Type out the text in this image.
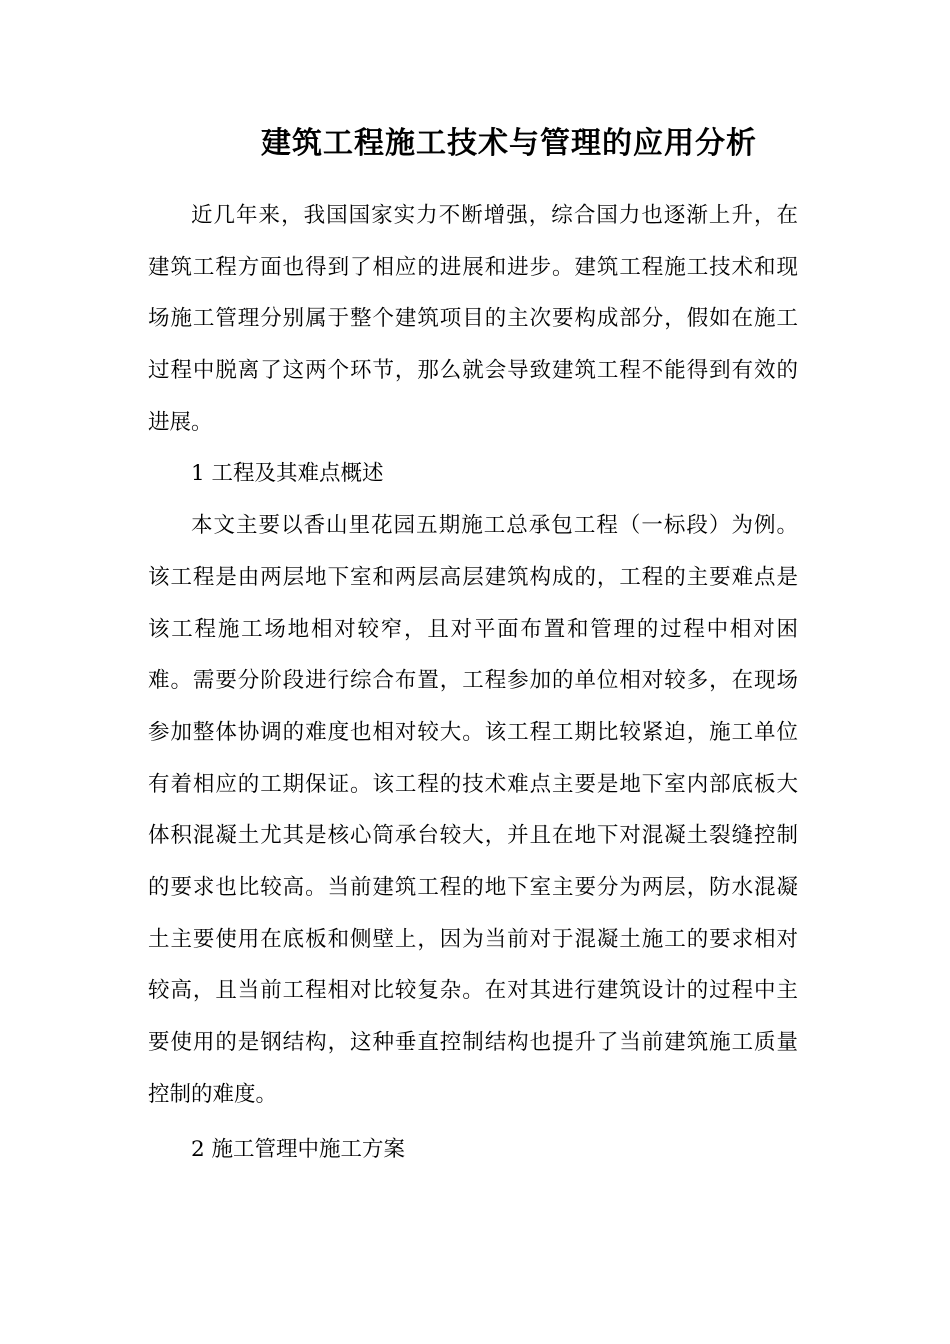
建筑工程施工技术与管理的应用分析
近几年来，我国国家实力不断增强，综合国力也逐渐上升，在
建筑工程方面也得到了相应的进展和进步。建筑工程施工技术和现
场施工管理分别属于整个建筑项目的主次要构成部分，假如在施工
过程中脱离了这两个环节，那么就会导致建筑工程不能得到有效的
进展。
1 工程及其难点概述
本文主要以香山里花园五期施工总承包工程（一标段）为例。
该工程是由两层地下室和两层高层建筑构成的，工程的主要难点是
该工程施工场地相对较窄，且对平面布置和管理的过程中相对困
难。需要分阶段进行综合布置，工程参加的单位相对较多，在现场
参加整体协调的难度也相对较大。该工程工期比较紧迫，施工单位
有着相应的工期保证。该工程的技术难点主要是地下室内部底板大
体积混凝土尤其是核心筒承台较大，并且在地下对混凝土裂缝控制
的要求也比较高。当前建筑工程的地下室主要分为两层，防水混凝
土主要使用在底板和侧壁上，因为当前对于混凝土施工的要求相对
较高，且当前工程相对比较复杂。在对其进行建筑设计的过程中主
要使用的是钢结构，这种垂直控制结构也提升了当前建筑施工质量
控制的难度。
2 施工管理中施工方案
